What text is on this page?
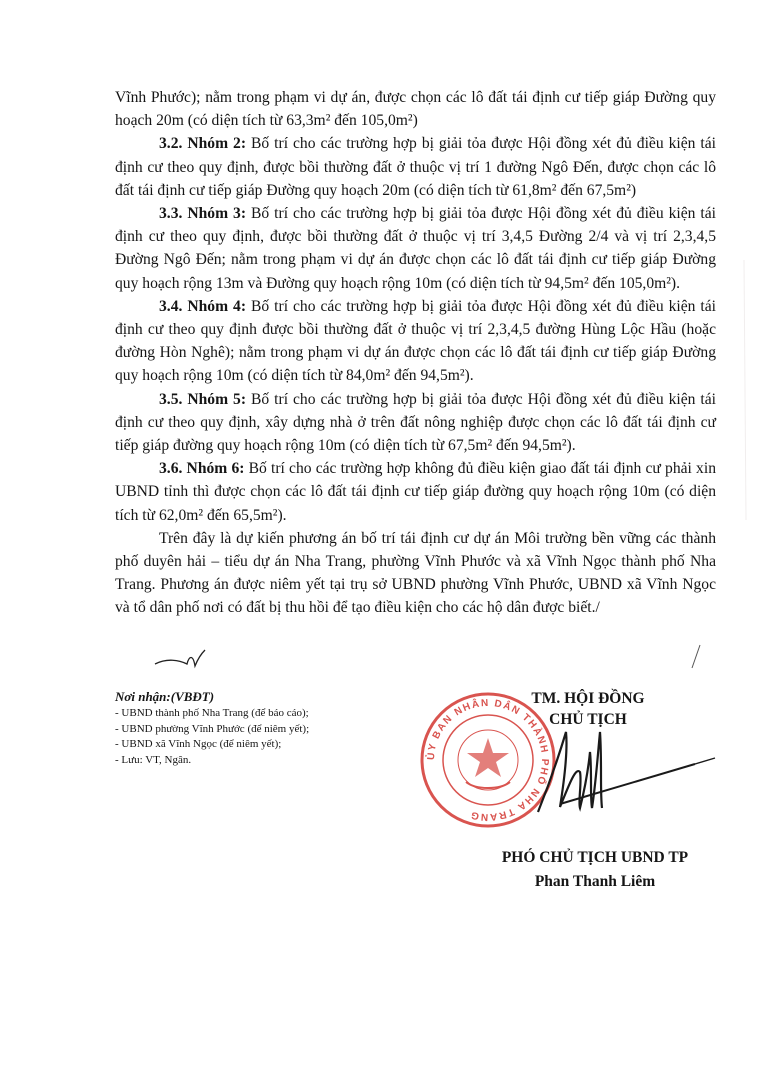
Vĩnh Phước); nằm trong phạm vi dự án, được chọn các lô đất tái định cư tiếp giáp Đường quy hoạch 20m (có diện tích từ 63,3m² đến 105,0m²)

3.2. Nhóm 2: Bố trí cho các trường hợp bị giải tỏa được Hội đồng xét đủ điều kiện tái định cư theo quy định, được bồi thường đất ở thuộc vị trí 1 đường Ngô Đến, được chọn các lô đất tái định cư tiếp giáp Đường quy hoạch 20m (có diện tích từ 61,8m² đến 67,5m²)

3.3. Nhóm 3: Bố trí cho các trường hợp bị giải tỏa được Hội đồng xét đủ điều kiện tái định cư theo quy định, được bồi thường đất ở thuộc vị trí 3,4,5 Đường 2/4 và vị trí 2,3,4,5 Đường Ngô Đến; nằm trong phạm vi dự án được chọn các lô đất tái định cư tiếp giáp Đường quy hoạch rộng 13m và Đường quy hoạch rộng 10m (có diện tích từ 94,5m² đến 105,0m²).

3.4. Nhóm 4: Bố trí cho các trường hợp bị giải tỏa được Hội đồng xét đủ điều kiện tái định cư theo quy định được bồi thường đất ở thuộc vị trí 2,3,4,5 đường Hùng Lộc Hầu (hoặc đường Hòn Nghê); nằm trong phạm vi dự án được chọn các lô đất tái định cư tiếp giáp Đường quy hoạch rộng 10m (có diện tích từ 84,0m² đến 94,5m²).

3.5. Nhóm 5: Bố trí cho các trường hợp bị giải tỏa được Hội đồng xét đủ điều kiện tái định cư theo quy định, xây dựng nhà ở trên đất nông nghiệp được chọn các lô đất tái định cư tiếp giáp đường quy hoạch rộng 10m (có diện tích từ 67,5m² đến 94,5m²).

3.6. Nhóm 6: Bố trí cho các trường hợp không đủ điều kiện giao đất tái định cư phải xin UBND tỉnh thì được chọn các lô đất tái định cư tiếp giáp đường quy hoạch rộng 10m (có diện tích từ 62,0m² đến 65,5m²).

Trên đây là dự kiến phương án bố trí tái định cư dự án Môi trường bền vững các thành phố duyên hải – tiểu dự án Nha Trang, phường Vĩnh Phước và xã Vĩnh Ngọc thành phố Nha Trang. Phương án được niêm yết tại trụ sở UBND phường Vĩnh Phước, UBND xã Vĩnh Ngọc và tổ dân phố nơi có đất bị thu hồi để tạo điều kiện cho các hộ dân được biết./

Nơi nhận:(VBĐT)
- UBND thành phố Nha Trang (để báo cáo);
- UBND phường Vĩnh Phước (để niêm yết);
- UBND xã Vĩnh Ngọc (để niêm yết);
- Lưu: VT, Ngân.	ỦY BAN NHÂN DÂN THÀNH PHỐ NHA TRANG
TM. HỘI ĐỒNG
CHỦ TỊCH
PHÓ CHỦ TỊCH UBND TP
Phan Thanh Liêm
